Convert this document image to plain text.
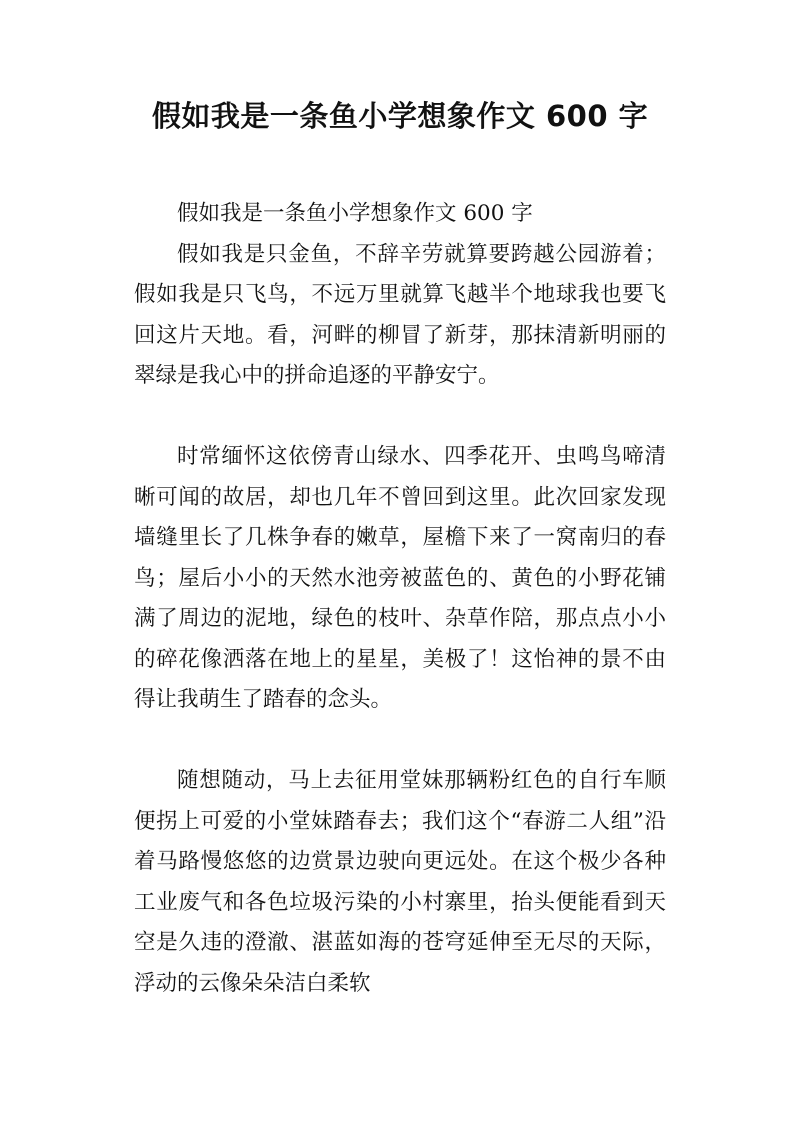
假如我是一条鱼小学想象作文 600 字

假如我是一条鱼小学想象作文 600 字

假如我是只金鱼，不辞辛劳就算要跨越公园游着；假如我是只飞鸟，不远万里就算飞越半个地球我也要飞回这片天地。看，河畔的柳冒了新芽，那抹清新明丽的翠绿是我心中的拼命追逐的平静安宁。

时常缅怀这依傍青山绿水、四季花开、虫鸣鸟啼清晰可闻的故居，却也几年不曾回到这里。此次回家发现墙缝里长了几株争春的嫩草，屋檐下来了一窝南归的春鸟；屋后小小的天然水池旁被蓝色的、黄色的小野花铺满了周边的泥地，绿色的枝叶、杂草作陪，那点点小小的碎花像洒落在地上的星星，美极了！这怡神的景不由得让我萌生了踏春的念头。

随想随动，马上去征用堂妹那辆粉红色的自行车顺便拐上可爱的小堂妹踏春去；我们这个“春游二人组”沿着马路慢悠悠的边赏景边驶向更远处。在这个极少各种工业废气和各色垃圾污染的小村寨里，抬头便能看到天空是久违的澄澈、湛蓝如海的苍穹延伸至无尽的天际，浮动的云像朵朵洁白柔软
